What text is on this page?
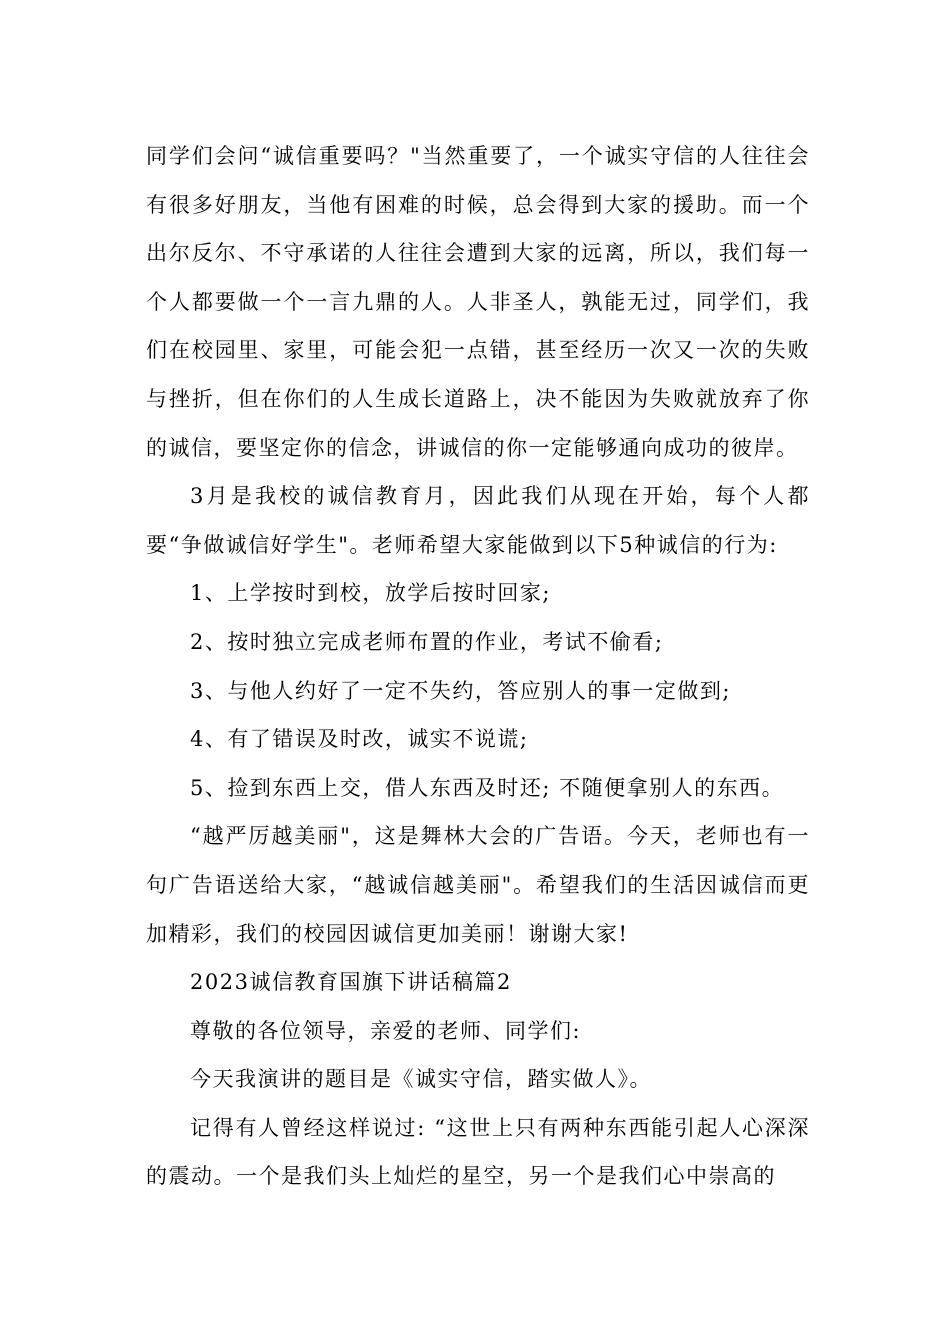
同学们会问“诚信重要吗？"当然重要了，一个诚实守信的人往往会有很多好朋友，当他有困难的时候，总会得到大家的援助。而一个出尔反尔、不守承诺的人往往会遭到大家的远离，所以，我们每一个人都要做一个一言九鼎的人。人非圣人，孰能无过，同学们，我们在校园里、家里，可能会犯一点错，甚至经历一次又一次的失败与挫折，但在你们的人生成长道路上，决不能因为失败就放弃了你的诚信，要坚定你的信念，讲诚信的你一定能够通向成功的彼岸。

3月是我校的诚信教育月，因此我们从现在开始，每个人都要“争做诚信好学生"。老师希望大家能做到以下5种诚信的行为:

1、上学按时到校，放学后按时回家;

2、按时独立完成老师布置的作业，考试不偷看;

3、与他人约好了一定不失约，答应别人的事一定做到;

4、有了错误及时改，诚实不说谎;

5、捡到东西上交，借人东西及时还; 不随便拿别人的东西。

“越严厉越美丽"，这是舞林大会的广告语。今天，老师也有一句广告语送给大家，“越诚信越美丽"。希望我们的生活因诚信而更加精彩，我们的校园因诚信更加美丽！谢谢大家!

2023诚信教育国旗下讲话稿篇2

尊敬的各位领导，亲爱的老师、同学们:

今天我演讲的题目是《诚实守信，踏实做人》。

记得有人曾经这样说过: “这世上只有两种东西能引起人心深深的震动。一个是我们头上灿烂的星空，另一个是我们心中崇高的
